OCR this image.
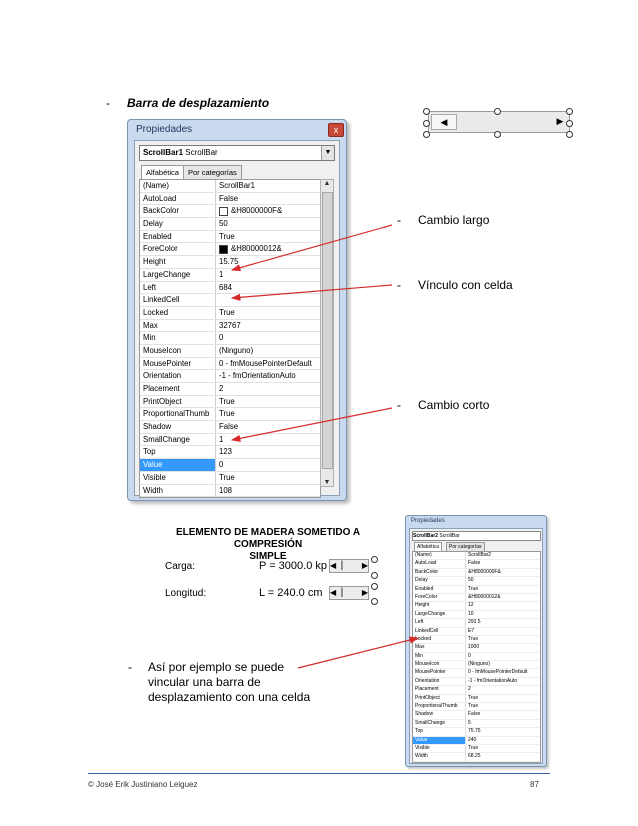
- Barra de desplazamiento
Propiedades	x
ScrollBar1 ScrollBar	▼
Alfabética	Por categorías
(Name)	ScrollBar1
AutoLoad	False
BackColor	&H8000000F&
Delay	50
Enabled	True
ForeColor	&H80000012&
Height	15.75
LargeChange	1
Left	684
LinkedCell
Locked	True
Max	32767
Min	0
MouseIcon	(Ninguno)
MousePointer	0 - fmMousePointerDefault
Orientation	-1 - fmOrientationAuto
Placement	2
PrintObject	True
ProportionalThumb	True
Shadow	False
SmallChange	1
Top	123
Value	0
Visible	True
Width	108
▲
▼
◀	▶
- Cambio largo
- Vínculo con celda
- Cambio corto
ELEMENTO DE MADERA SOMETIDO A COMPRESIÓN
SIMPLE
Carga:	P = 3000.0 kp ◀▕ ▶
Longitud:	L = 240.0 cm ◀▕ ▶
- Así por ejemplo se puede
vincular una barra de
desplazamiento con una celda
Propiedades
ScrollBar2 ScrollBar
Alfabética	Por categorías
(Name)	ScrollBar2
AutoLoad	False
BackColor	&H8000000F&
Delay	50
Enabled	True
ForeColor	&H80000012&
Height	12
LargeChange	10
Left	293.5
LinkedCell	E7
Locked	True
Max	1000
Min	0
MouseIcon	(Ninguno)
MousePointer	0 - fmMousePointerDefault
Orientation	-1 - fmOrientationAuto
Placement	2
PrintObject	True
ProportionalThumb	True
Shadow	False
SmallChange	5
Top	75.75
Value	240
Visible	True
Width	68.25
© José Erik Justiniano Leiguez	87
